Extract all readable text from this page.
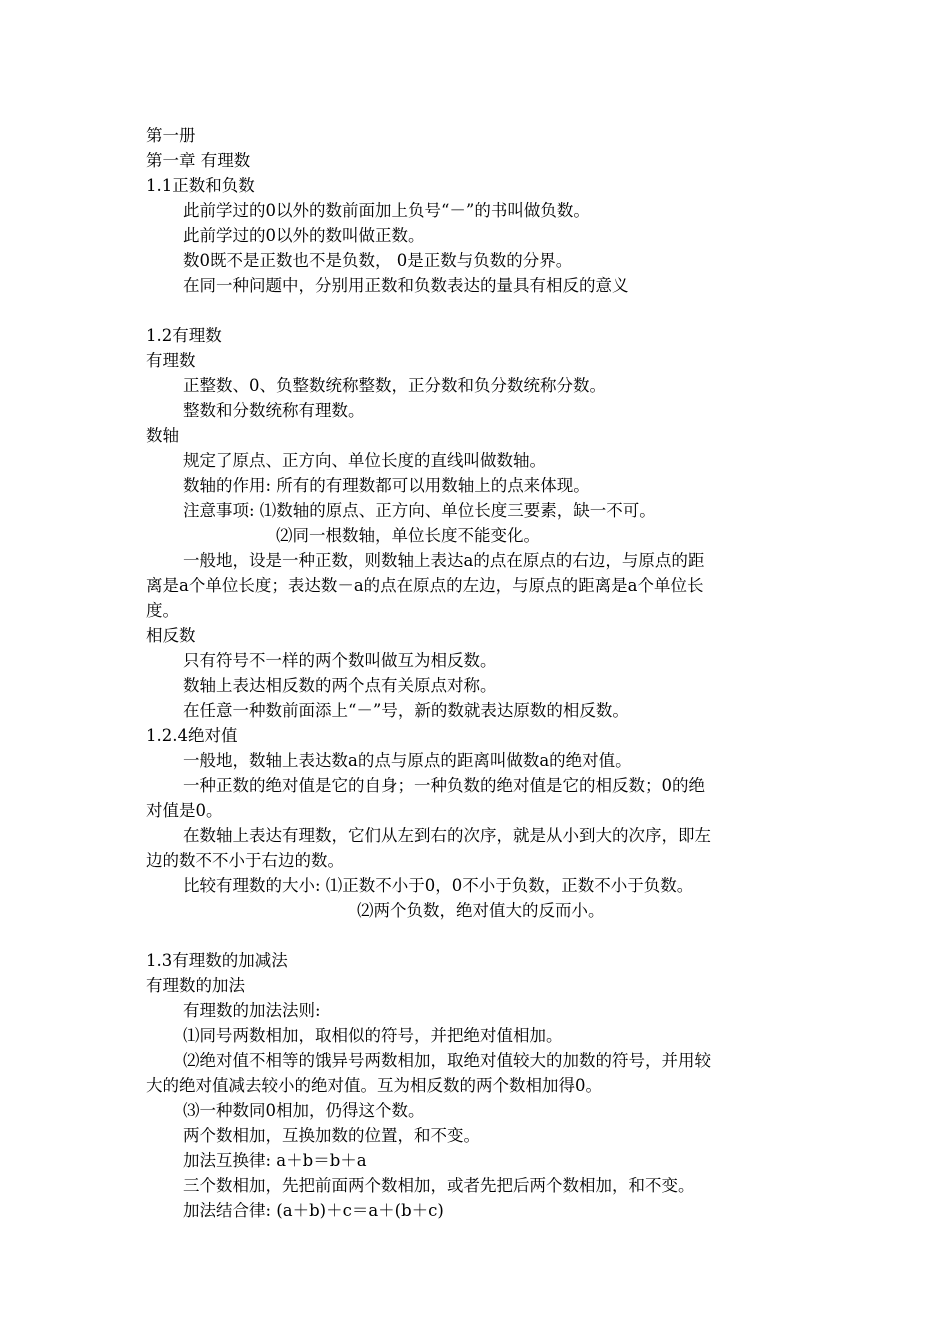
第一册
第一章 有理数
1.1正数和负数
此前学过的0以外的数前面加上负号“－”的书叫做负数。
此前学过的0以外的数叫做正数。
数0既不是正数也不是负数， 0是正数与负数的分界。
在同一种问题中，分别用正数和负数表达的量具有相反的意义
1.2有理数
有理数
正整数、0、负整数统称整数，正分数和负分数统称分数。
整数和分数统称有理数。
数轴
规定了原点、正方向、单位长度的直线叫做数轴。
数轴的作用: 所有的有理数都可以用数轴上的点来体现。
注意事项: ⑴数轴的原点、正方向、单位长度三要素，缺一不可。
⑵同一根数轴，单位长度不能变化。
一般地，设是一种正数，则数轴上表达a的点在原点的右边，与原点的距
离是a个单位长度；表达数－a的点在原点的左边，与原点的距离是a个单位长
度。
相反数
只有符号不一样的两个数叫做互为相反数。
数轴上表达相反数的两个点有关原点对称。
在任意一种数前面添上“－”号，新的数就表达原数的相反数。
1.2.4绝对值
一般地，数轴上表达数a的点与原点的距离叫做数a的绝对值。
一种正数的绝对值是它的自身；一种负数的绝对值是它的相反数；0的绝
对值是0。
在数轴上表达有理数，它们从左到右的次序，就是从小到大的次序，即左
边的数不不小于右边的数。
比较有理数的大小: ⑴正数不小于0，0不小于负数，正数不小于负数。
⑵两个负数，绝对值大的反而小。
1.3有理数的加减法
有理数的加法
有理数的加法法则:
⑴同号两数相加，取相似的符号，并把绝对值相加。
⑵绝对值不相等的饿异号两数相加，取绝对值较大的加数的符号，并用较
大的绝对值减去较小的绝对值。互为相反数的两个数相加得0。
⑶一种数同0相加，仍得这个数。
两个数相加，互换加数的位置，和不变。
加法互换律: a＋b＝b＋a
三个数相加，先把前面两个数相加，或者先把后两个数相加，和不变。
加法结合律: (a＋b)＋c＝a＋(b＋c)
